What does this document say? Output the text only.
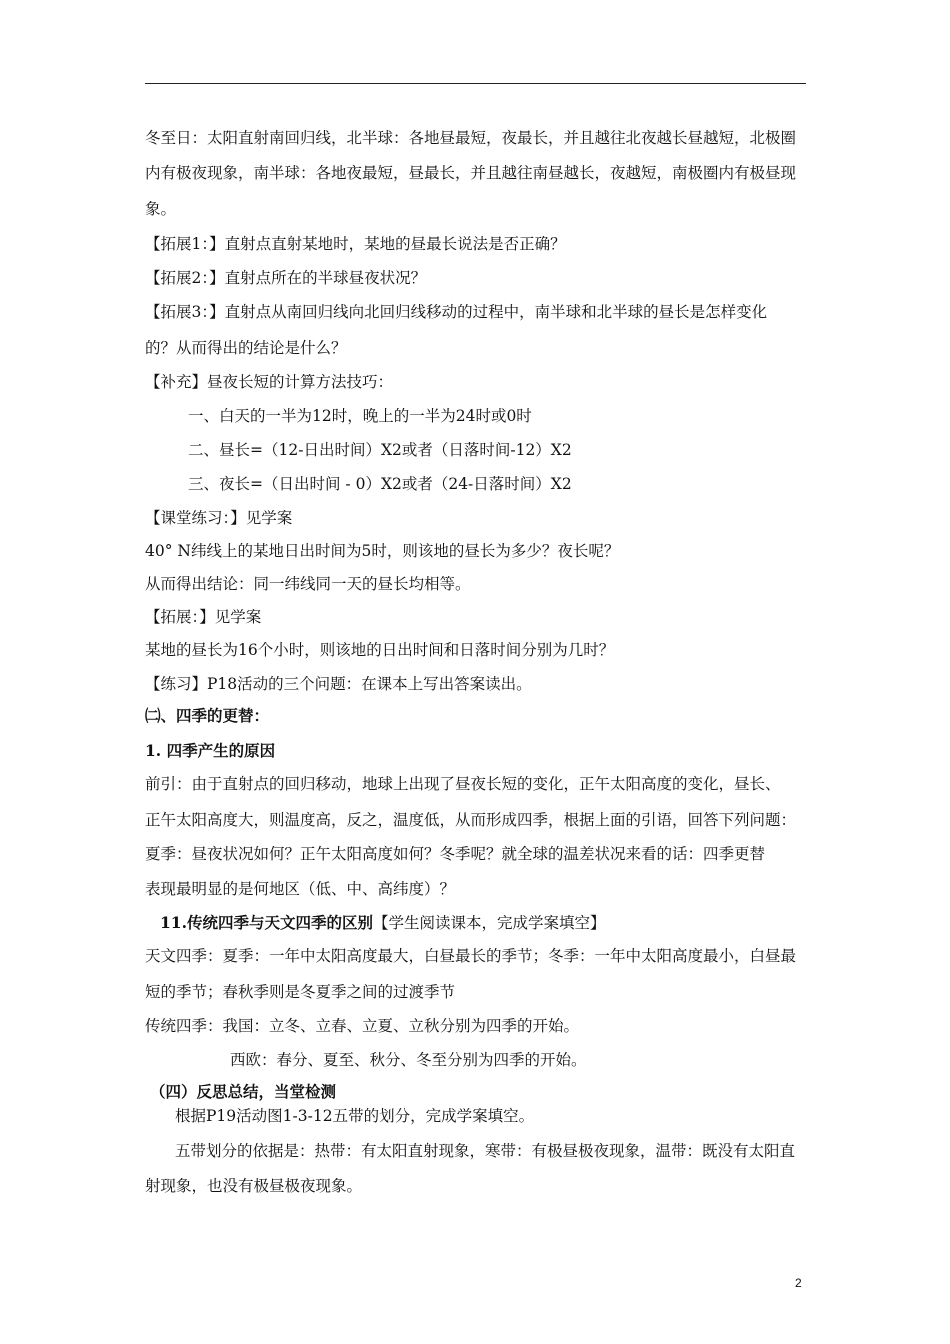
冬至日：太阳直射南回归线，北半球：各地昼最短，夜最长，并且越往北夜越长昼越短，北极圈
内有极夜现象，南半球：各地夜最短，昼最长，并且越往南昼越长，夜越短，南极圈内有极昼现
象。
【拓展1：】直射点直射某地时，某地的昼最长说法是否正确？
【拓展2：】直射点所在的半球昼夜状况？
【拓展3：】直射点从南回归线向北回归线移动的过程中，南半球和北半球的昼长是怎样变化
的？从而得出的结论是什么？
【补充】昼夜长短的计算方法技巧：
一、白天的一半为12时，晚上的一半为24时或0时
二、昼长=（12-日出时间）X2或者（日落时间-12）X2
三、夜长=（日出时间 - 0）X2或者（24-日落时间）X2
【课堂练习：】见学案
40° N纬线上的某地日出时间为5时，则该地的昼长为多少？夜长呢？
从而得出结论：同一纬线同一天的昼长均相等。
【拓展：】见学案
某地的昼长为16个小时，则该地的日出时间和日落时间分别为几时？
【练习】P18活动的三个问题：在课本上写出答案读出。
㈡、四季的更替：
1. 四季产生的原因
前引：由于直射点的回归移动，地球上出现了昼夜长短的变化，正午太阳高度的变化，昼长、
正午太阳高度大，则温度高，反之，温度低，从而形成四季，根据上面的引语，回答下列问题：
夏季：昼夜状况如何？正午太阳高度如何？冬季呢？就全球的温差状况来看的话：四季更替
表现最明显的是何地区（低、中、高纬度）？
11.传统四季与天文四季的区别【学生阅读课本，完成学案填空】
天文四季：夏季：一年中太阳高度最大，白昼最长的季节；冬季：一年中太阳高度最小，白昼最
短的季节；春秋季则是冬夏季之间的过渡季节
传统四季：我国：立冬、立春、立夏、立秋分别为四季的开始。
西欧：春分、夏至、秋分、冬至分别为四季的开始。
（四）反思总结，当堂检测
根据P19活动图1-3-12五带的划分，完成学案填空。
五带划分的依据是：热带：有太阳直射现象，寒带：有极昼极夜现象，温带：既没有太阳直
射现象，也没有极昼极夜现象。
2
